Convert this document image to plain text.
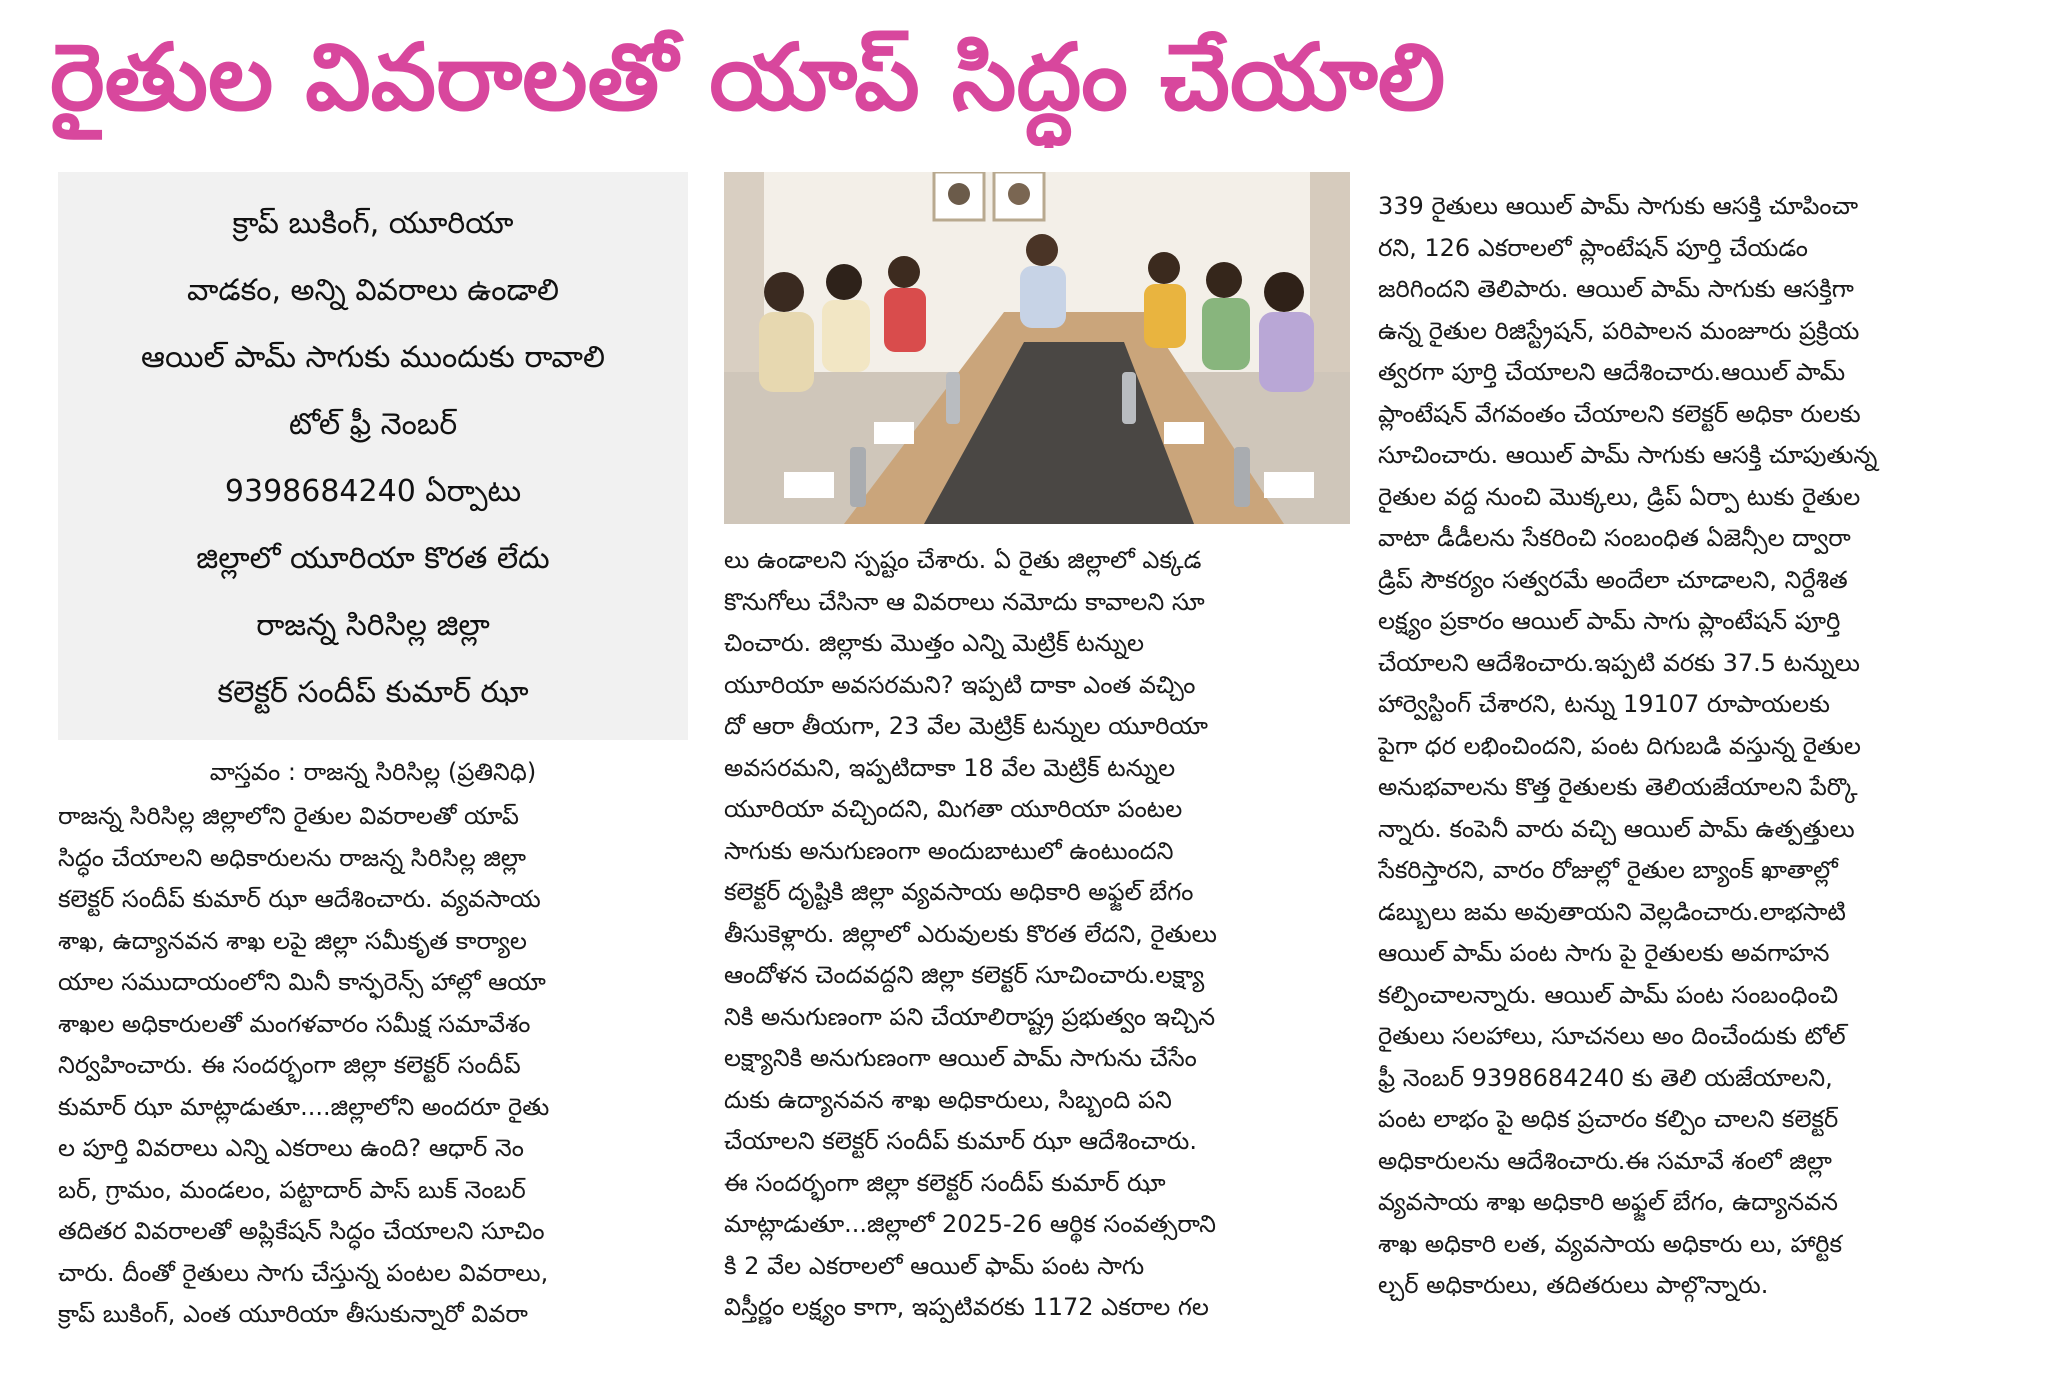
రైతుల వివరాలతో యాప్ సిద్ధం చేయాలి
క్రాప్ బుకింగ్, యూరియా
వాడకం, అన్ని వివరాలు ఉండాలి
ఆయిల్ పామ్ సాగుకు ముందుకు రావాలి
టోల్ ఫ్రీ నెంబర్
9398684240 ఏర్పాటు
జిల్లాలో యూరియా కొరత లేదు
రాజన్న సిరిసిల్ల జిల్లా
కలెక్టర్ సందీప్ కుమార్ ఝా
వాస్తవం : రాజన్న సిరిసిల్ల (ప్రతినిధి)
రాజన్న సిరిసిల్ల జిల్లాలోని రైతుల వివరాలతో యాప్
సిద్ధం చేయాలని అధికారులను రాజన్న సిరిసిల్ల జిల్లా
కలెక్టర్ సందీప్ కుమార్ ఝా ఆదేశించారు. వ్యవసాయ
శాఖ, ఉద్యానవన శాఖ లపై జిల్లా సమీకృత కార్యాల
యాల సముదాయంలోని మినీ కాన్ఫరెన్స్ హాల్లో ఆయా
శాఖల అధికారులతో మంగళవారం సమీక్ష సమావేశం
నిర్వహించారు. ఈ సందర్భంగా జిల్లా కలెక్టర్ సందీప్
కుమార్ ఝా మాట్లాడుతూ....జిల్లాలోని అందరూ రైతు
ల పూర్తి వివరాలు ఎన్ని ఎకరాలు ఉంది? ఆధార్ నెం
బర్, గ్రామం, మండలం, పట్టాదార్ పాస్ బుక్ నెంబర్
తదితర వివరాలతో అప్లికేషన్ సిద్ధం చేయాలని సూచిం
చారు. దీంతో రైతులు సాగు చేస్తున్న పంటల వివరాలు,
క్రాప్ బుకింగ్, ఎంత యూరియా తీసుకున్నారో వివరా
లు ఉండాలని స్పష్టం చేశారు. ఏ రైతు జిల్లాలో ఎక్కడ
కొనుగోలు చేసినా ఆ వివరాలు నమోదు కావాలని సూ
చించారు. జిల్లాకు మొత్తం ఎన్ని మెట్రిక్ టన్నుల
యూరియా అవసరమని? ఇప్పటి దాకా ఎంత వచ్చిం
దో ఆరా తీయగా, 23 వేల మెట్రిక్ టన్నుల యూరియా
అవసరమని, ఇప్పటిదాకా 18 వేల మెట్రిక్ టన్నుల
యూరియా వచ్చిందని, మిగతా యూరియా పంటల
సాగుకు అనుగుణంగా అందుబాటులో ఉంటుందని
కలెక్టర్ దృష్టికి జిల్లా వ్యవసాయ అధికారి అఫ్జల్ బేగం
తీసుకెళ్లారు. జిల్లాలో ఎరువులకు కొరత లేదని, రైతులు
ఆందోళన చెందవద్దని జిల్లా కలెక్టర్ సూచించారు.లక్ష్యా
నికి అనుగుణంగా పని చేయాలిరాష్ట్ర ప్రభుత్వం ఇచ్చిన
లక్ష్యానికి అనుగుణంగా ఆయిల్ పామ్ సాగును చేసేం
దుకు ఉద్యానవన శాఖ అధికారులు, సిబ్బంది పని
చేయాలని కలెక్టర్ సందీప్ కుమార్ ఝా ఆదేశించారు.
ఈ సందర్భంగా జిల్లా కలెక్టర్ సందీప్ కుమార్ ఝా
మాట్లాడుతూ...జిల్లాలో 2025-26 ఆర్థిక సంవత్సరాని
కి 2 వేల ఎకరాలలో ఆయిల్ ఫామ్ పంట సాగు
విస్తీర్ణం లక్ష్యం కాగా, ఇప్పటివరకు 1172 ఎకరాల గల
339 రైతులు ఆయిల్ పామ్ సాగుకు ఆసక్తి చూపించా
రని, 126 ఎకరాలలో ప్లాంటేషన్ పూర్తి చేయడం
జరిగిందని తెలిపారు. ఆయిల్ పామ్ సాగుకు ఆసక్తిగా
ఉన్న రైతుల రిజిస్ట్రేషన్, పరిపాలన మంజూరు ప్రక్రియ
త్వరగా పూర్తి చేయాలని ఆదేశించారు.ఆయిల్ పామ్
ప్లాంటేషన్ వేగవంతం చేయాలని కలెక్టర్ అధికా రులకు
సూచించారు. ఆయిల్ పామ్ సాగుకు ఆసక్తి చూపుతున్న
రైతుల వద్ద నుంచి మొక్కలు, డ్రిప్ ఏర్పా టుకు రైతుల
వాటా డీడీలను సేకరించి సంబంధిత ఏజెన్సీల ద్వారా
డ్రిప్ సౌకర్యం సత్వరమే అందేలా చూడాలని, నిర్దేశిత
లక్ష్యం ప్రకారం ఆయిల్ పామ్ సాగు ప్లాంటేషన్ పూర్తి
చేయాలని ఆదేశించారు.ఇప్పటి వరకు 37.5 టన్నులు
హార్వెస్టింగ్ చేశారని, టన్ను 19107 రూపాయలకు
పైగా ధర లభించిందని, పంట దిగుబడి వస్తున్న రైతుల
అనుభవాలను కొత్త రైతులకు తెలియజేయాలని పేర్కొ
న్నారు. కంపెనీ వారు వచ్చి ఆయిల్ పామ్ ఉత్పత్తులు
సేకరిస్తారని, వారం రోజుల్లో రైతుల బ్యాంక్ ఖాతాల్లో
డబ్బులు జమ అవుతాయని వెల్లడించారు.లాభసాటి
ఆయిల్ పామ్ పంట సాగు పై రైతులకు అవగాహన
కల్పించాలన్నారు. ఆయిల్ పామ్ పంట సంబంధించి
రైతులు సలహాలు, సూచనలు అం దించేందుకు టోల్
ఫ్రీ నెంబర్ 9398684240 కు తెలి యజేయాలని,
పంట లాభం పై అధిక ప్రచారం కల్పిం చాలని కలెక్టర్
అధికారులను ఆదేశించారు.ఈ సమావే శంలో జిల్లా
వ్యవసాయ శాఖ అధికారి అఫ్జల్ బేగం, ఉద్యానవన
శాఖ అధికారి లత, వ్యవసాయ అధికారు లు, హార్టిక
ల్చర్ అధికారులు, తదితరులు పాల్గొన్నారు.
